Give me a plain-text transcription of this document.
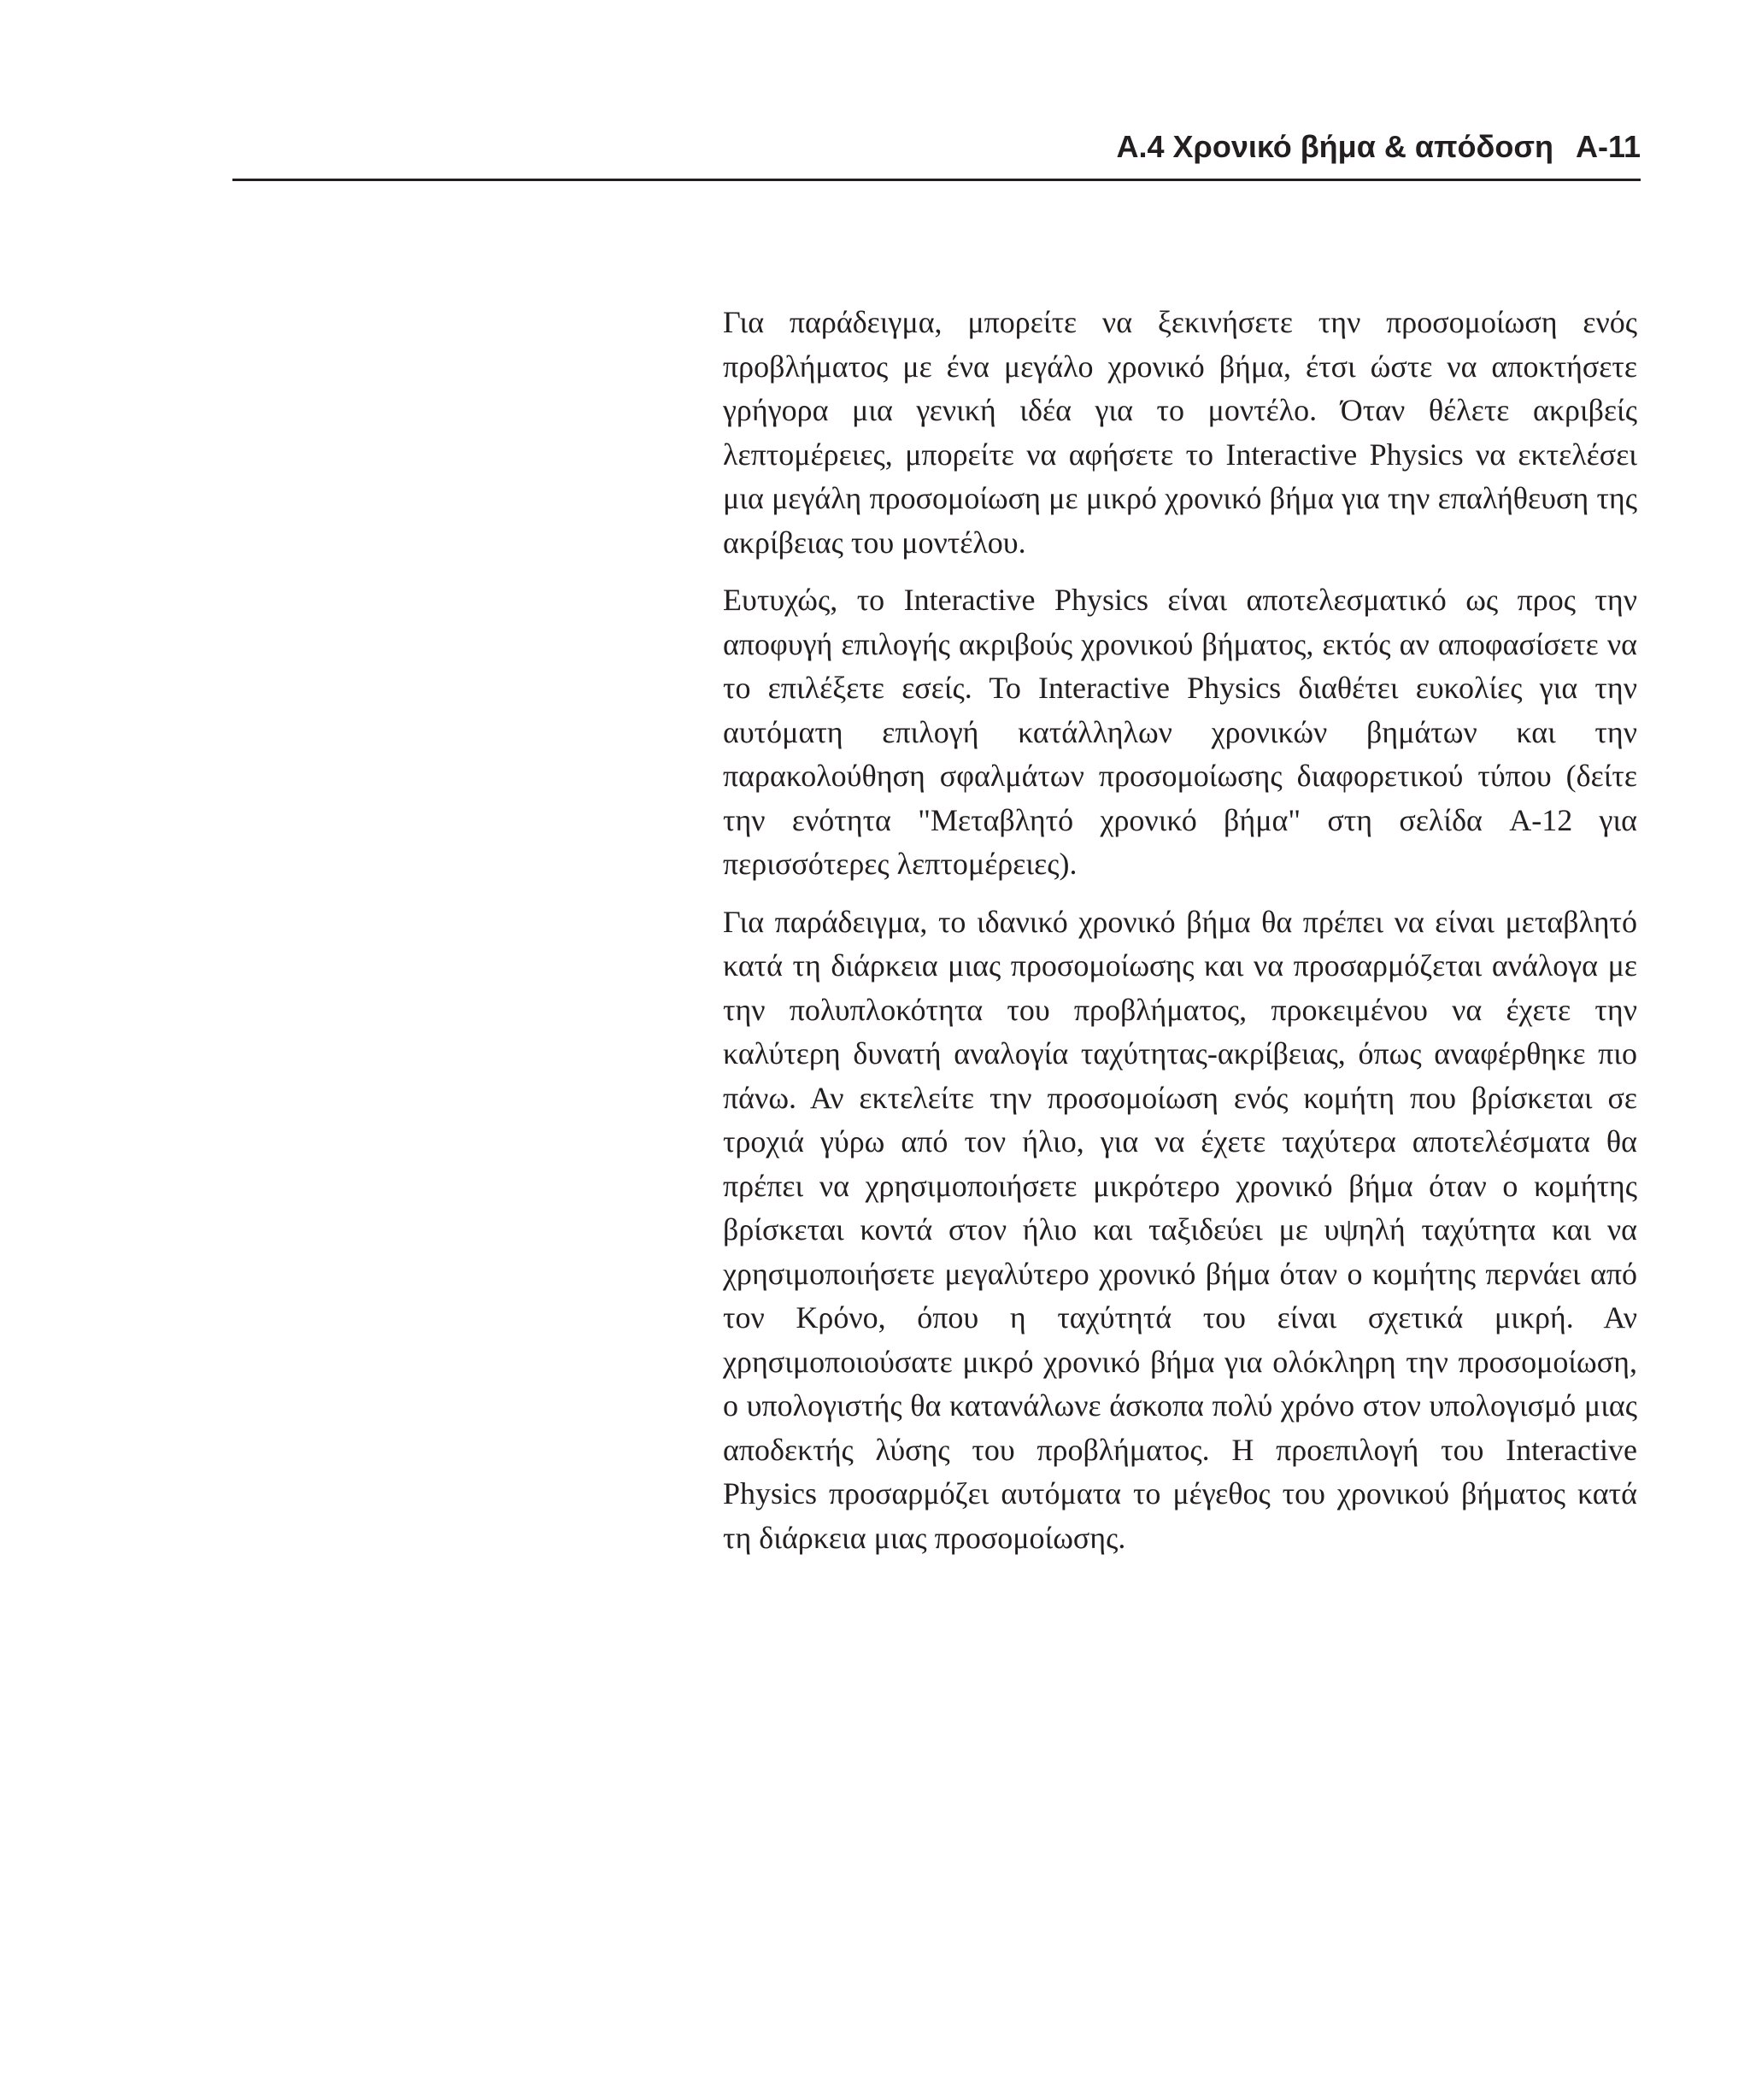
A.4 Χρονικό βήμα & απόδοση A-11

Για παράδειγμα, μπορείτε να ξεκινήσετε την προσομοίωση ενός προβλήματος με ένα μεγάλο χρονικό βήμα, έτσι ώστε να αποκτήσετε γρήγορα μια γενική ιδέα για το μοντέλο. Όταν θέλετε ακριβείς λεπτομέρειες, μπορείτε να αφήσετε το Interactive Physics να εκτελέσει μια μεγάλη προσομοίωση με μικρό χρονικό βήμα για την επαλήθευση της ακρίβειας του μοντέλου.

Ευτυχώς, το Interactive Physics είναι αποτελεσματικό ως προς την αποφυγή επιλογής ακριβούς χρονικού βήματος, εκτός αν αποφασίσετε να το επιλέξετε εσείς. Το Interactive Physics διαθέτει ευκολίες για την αυτόματη επιλογή κατάλληλων χρονικών βημάτων και την παρακολούθηση σφαλμάτων προσομοίωσης διαφορετικού τύπου (δείτε την ενότητα "Μεταβλητό χρονικό βήμα" στη σελίδα A-12 για περισσότερες λεπτομέρειες).

Για παράδειγμα, το ιδανικό χρονικό βήμα θα πρέπει να είναι μεταβλητό κατά τη διάρκεια μιας προσομοίωσης και να προσαρμόζεται ανάλογα με την πολυπλοκότητα του προβλήματος, προκειμένου να έχετε την καλύτερη δυνατή αναλογία ταχύτητας-ακρίβειας, όπως αναφέρθηκε πιο πάνω. Αν εκτελείτε την προσομοίωση ενός κομήτη που βρίσκεται σε τροχιά γύρω από τον ήλιο, για να έχετε ταχύτερα αποτελέσματα θα πρέπει να χρησιμοποιήσετε μικρότερο χρονικό βήμα όταν ο κομήτης βρίσκεται κοντά στον ήλιο και ταξιδεύει με υψηλή ταχύτητα και να χρησιμοποιήσετε μεγαλύτερο χρονικό βήμα όταν ο κομήτης περνάει από τον Κρόνο, όπου η ταχύτητά του είναι σχετικά μικρή. Αν χρησιμοποιούσατε μικρό χρονικό βήμα για ολόκληρη την προσομοίωση, ο υπολογιστής θα κατανάλωνε άσκοπα πολύ χρόνο στον υπολογισμό μιας αποδεκτής λύσης του προβλήματος. Η προεπιλογή του Interactive Physics προσαρμόζει αυτόματα το μέγεθος του χρονικού βήματος κατά τη διάρκεια μιας προσομοίωσης.
